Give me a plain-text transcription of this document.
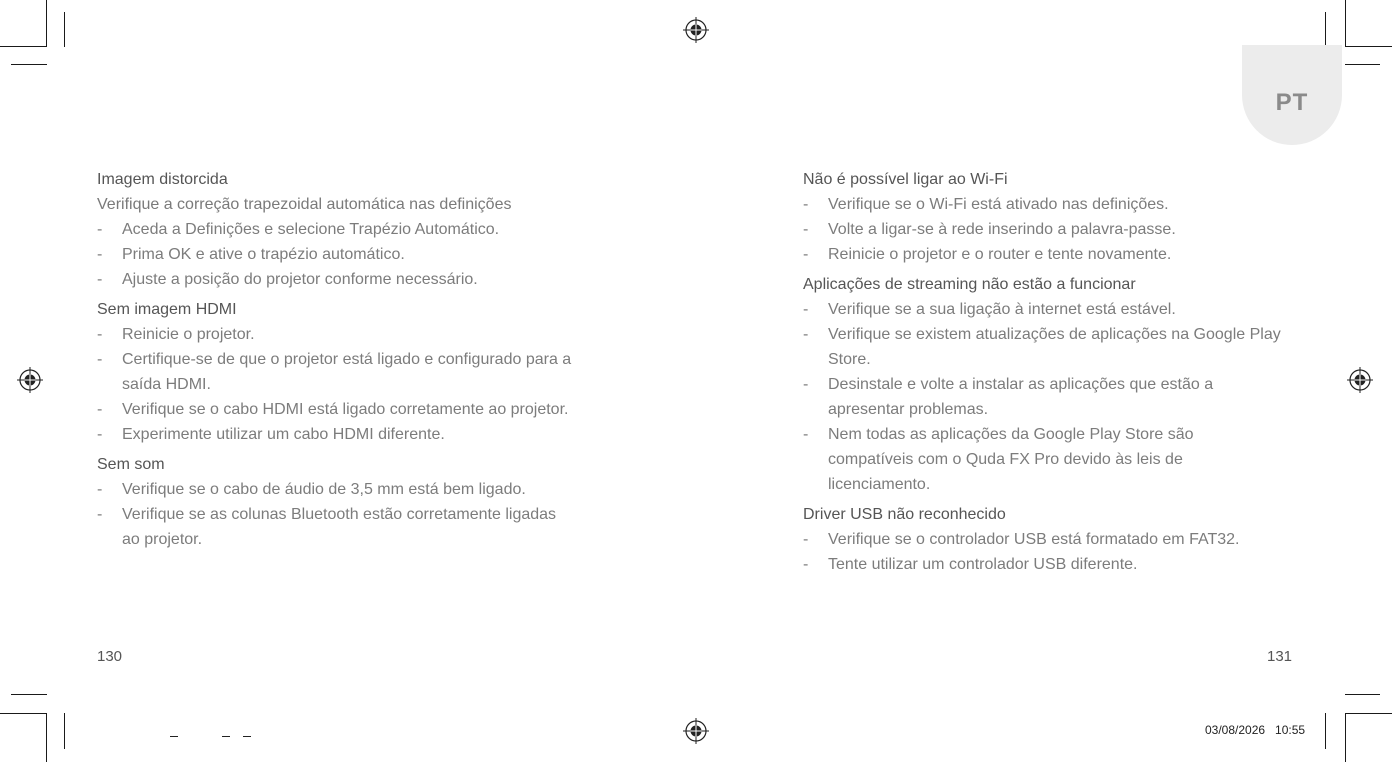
PT
Imagem distorcida
Verifique a correção trapezoidal automática nas definições
- Aceda a Definições e selecione Trapézio Automático.
- Prima OK e ative o trapézio automático.
- Ajuste a posição do projetor conforme necessário.
Sem imagem HDMI
- Reinicie o projetor.
- Certifique-se de que o projetor está ligado e configurado para a saída HDMI.
- Verifique se o cabo HDMI está ligado corretamente ao projetor.
- Experimente utilizar um cabo HDMI diferente.
Sem som
- Verifique se o cabo de áudio de 3,5 mm está bem ligado.
- Verifique se as colunas Bluetooth estão corretamente ligadas ao projetor.
Não é possível ligar ao Wi-Fi
- Verifique se o Wi-Fi está ativado nas definições.
- Volte a ligar-se à rede inserindo a palavra-passe.
- Reinicie o projetor e o router e tente novamente.
Aplicações de streaming não estão a funcionar
- Verifique se a sua ligação à internet está estável.
- Verifique se existem atualizações de aplicações na Google Play Store.
- Desinstale e volte a instalar as aplicações que estão a apresentar problemas.
- Nem todas as aplicações da Google Play Store são compatíveis com o Quda FX Pro devido às leis de licenciamento.
Driver USB não reconhecido
- Verifique se o controlador USB está formatado em FAT32.
- Tente utilizar um controlador USB diferente.
130	131
03/08/2026   10:55
